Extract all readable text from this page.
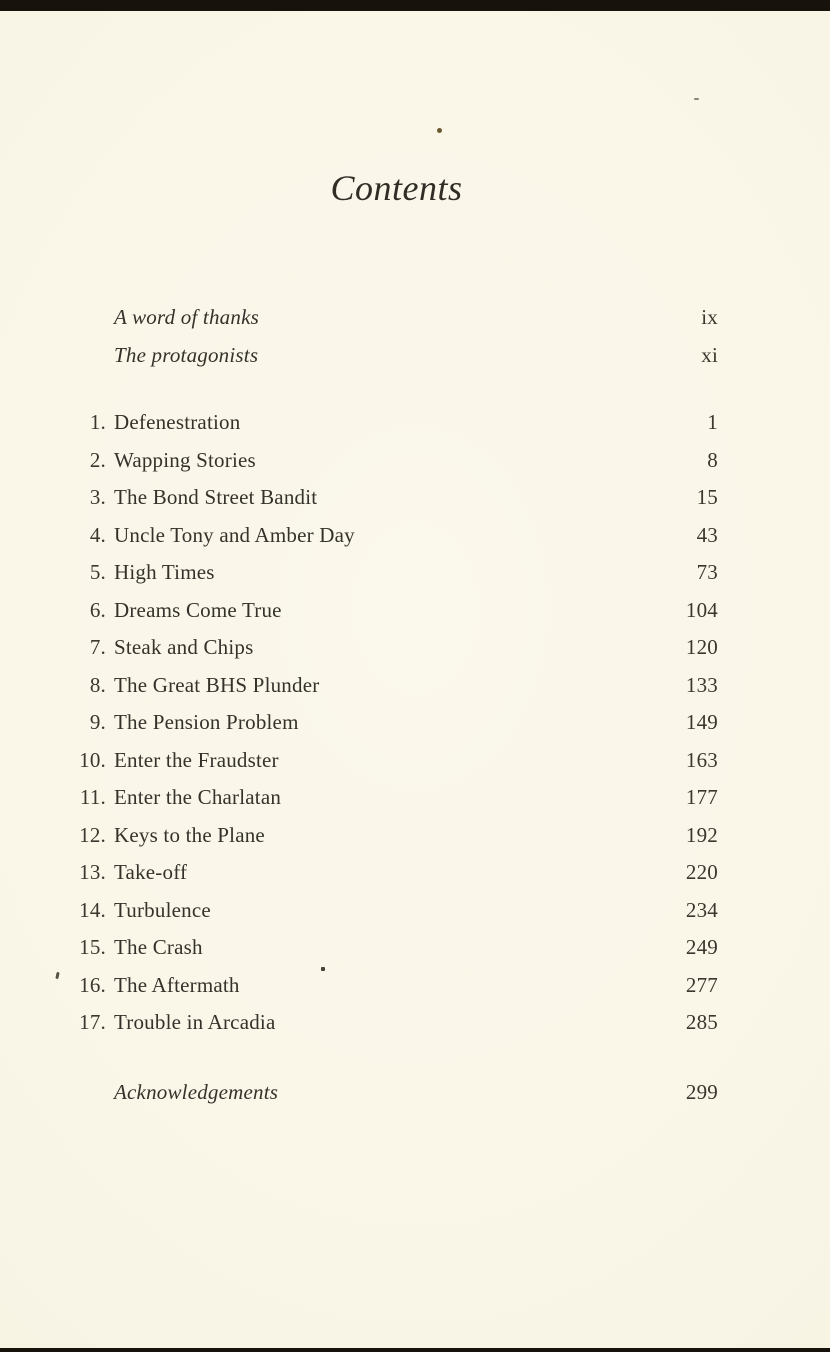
Contents
A word of thanks	ix
The protagonists	xi
1. Defenestration	1
2. Wapping Stories	8
3. The Bond Street Bandit	15
4. Uncle Tony and Amber Day	43
5. High Times	73
6. Dreams Come True	104
7. Steak and Chips	120
8. The Great BHS Plunder	133
9. The Pension Problem	149
10. Enter the Fraudster	163
11. Enter the Charlatan	177
12. Keys to the Plane	192
13. Take-off	220
14. Turbulence	234
15. The Crash	249
16. The Aftermath	277
17. Trouble in Arcadia	285
Acknowledgements	299
